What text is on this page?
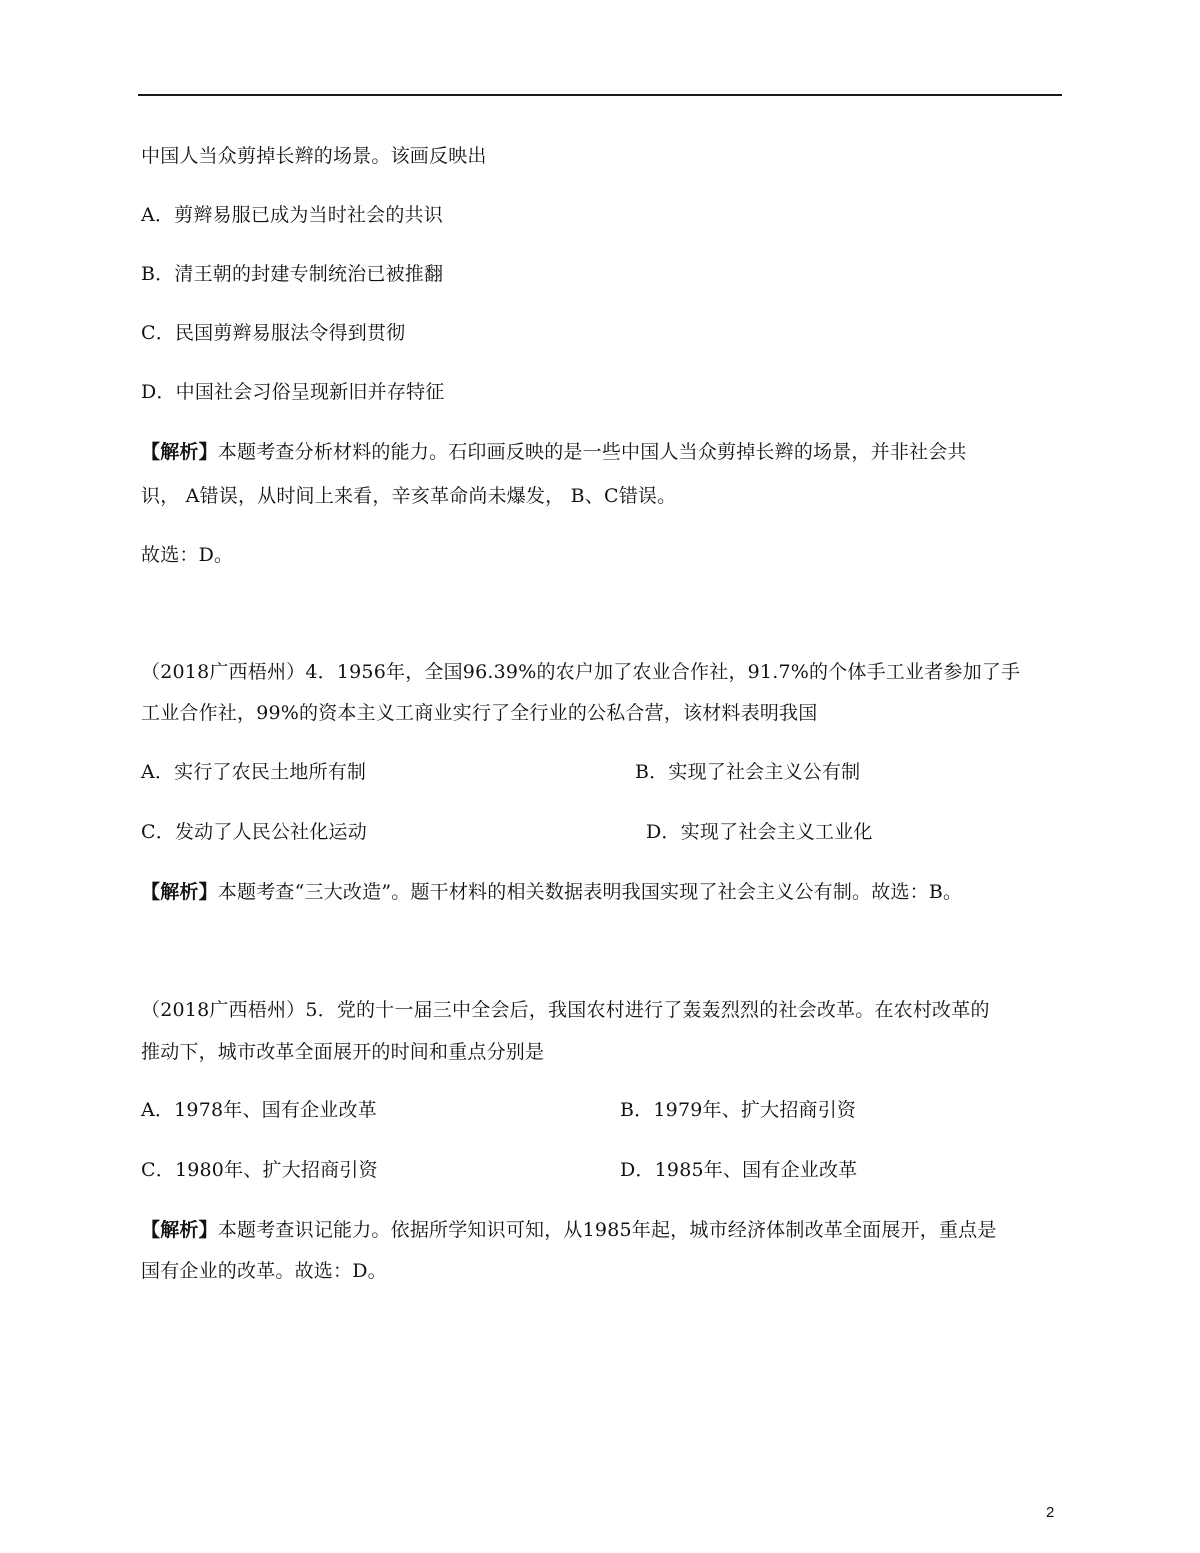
中国人当众剪掉长辫的场景。该画反映出
A．剪辫易服已成为当时社会的共识
B．清王朝的封建专制统治已被推翻
C．民国剪辫易服法令得到贯彻
D．中国社会习俗呈现新旧并存特征
【解析】本题考查分析材料的能力。石印画反映的是一些中国人当众剪掉长辫的场景，并非社会共
识， A错误，从时间上来看，辛亥革命尚未爆发， B、C错误。
故选：D。
（2018广西梧州）4．1956年，全国96.39%的农户加了农业合作社，91.7%的个体手工业者参加了手
工业合作社，99%的资本主义工商业实行了全行业的公私合营，该材料表明我国
A．实行了农民土地所有制	B．实现了社会主义公有制
C．发动了人民公社化运动	D．实现了社会主义工业化
【解析】本题考查“三大改造”。题干材料的相关数据表明我国实现了社会主义公有制。故选：B。
（2018广西梧州）5．党的十一届三中全会后，我国农村进行了轰轰烈烈的社会改革。在农村改革的
推动下，城市改革全面展开的时间和重点分别是
A．1978年、国有企业改革	B．1979年、扩大招商引资
C．1980年、扩大招商引资	D．1985年、国有企业改革
【解析】本题考查识记能力。依据所学知识可知，从1985年起，城市经济体制改革全面展开，重点是
国有企业的改革。故选：D。
2
